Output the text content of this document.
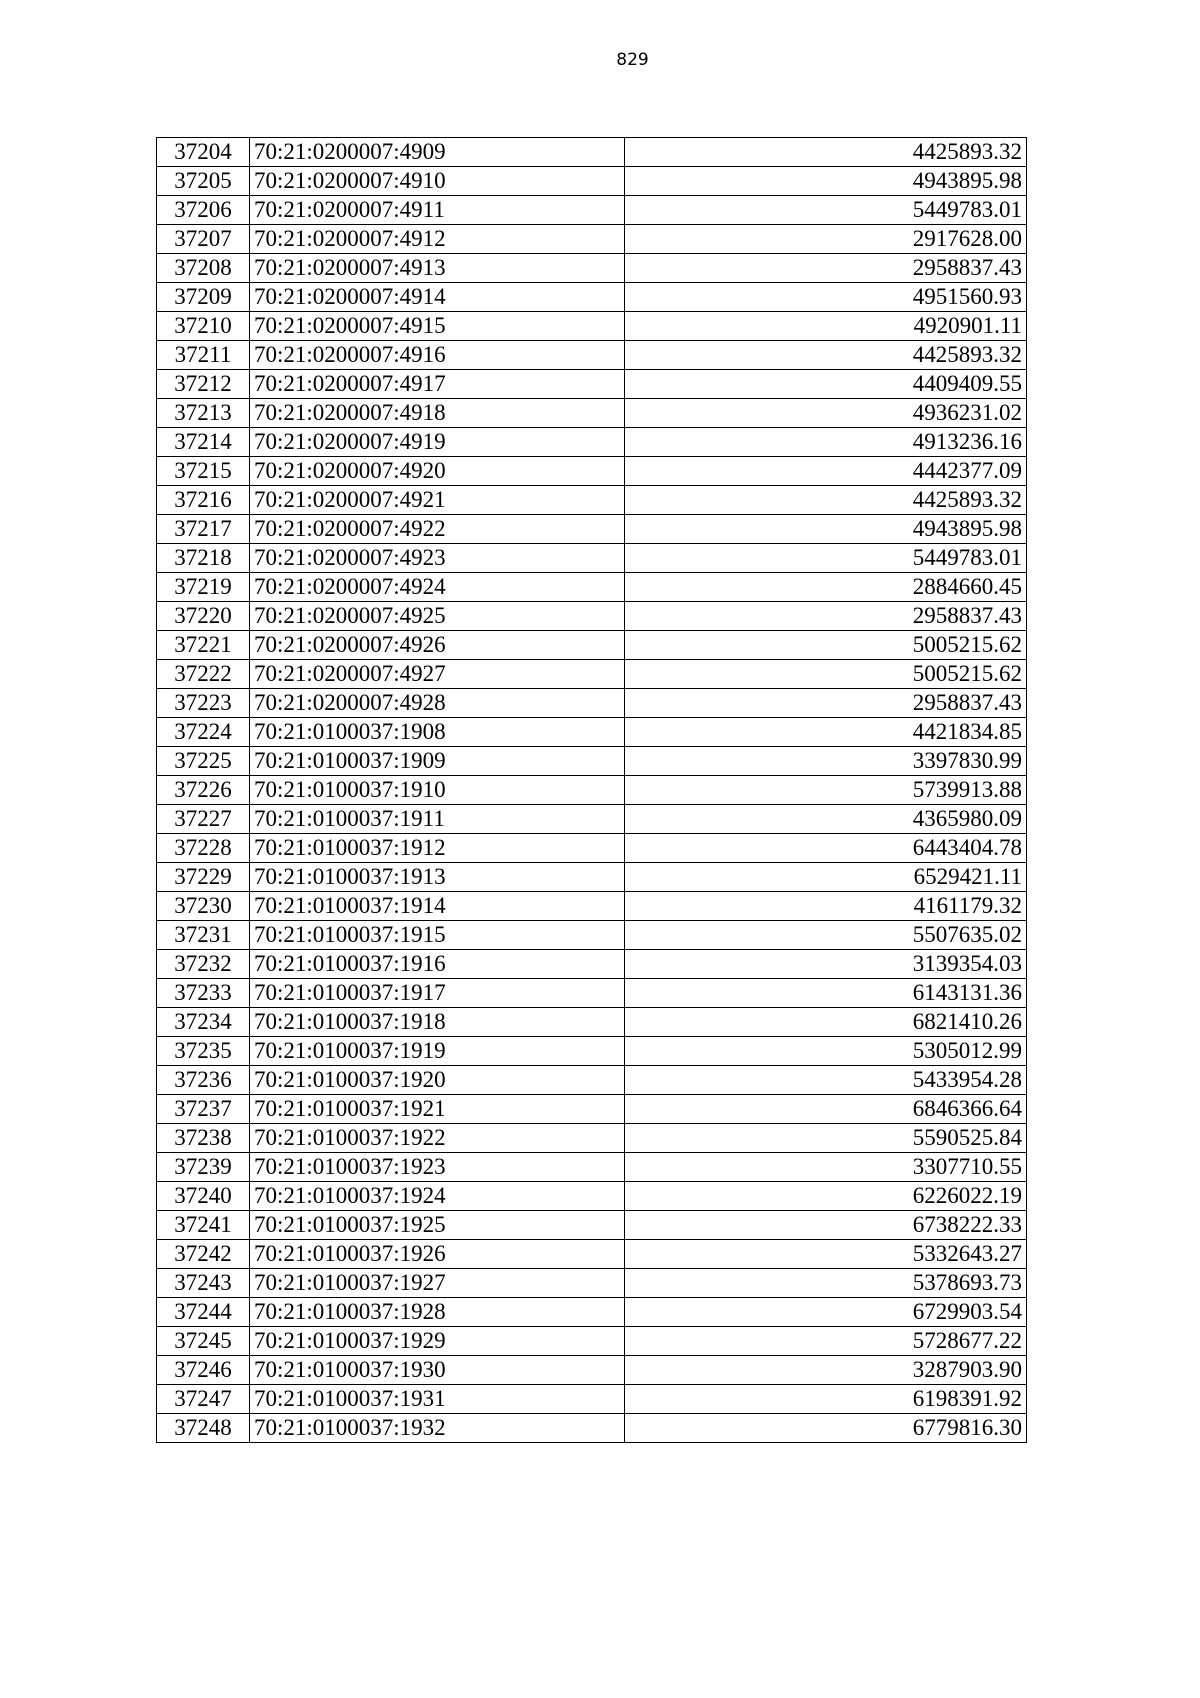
829
37204	70:21:0200007:4909	4425893.32
37205	70:21:0200007:4910	4943895.98
37206	70:21:0200007:4911	5449783.01
37207	70:21:0200007:4912	2917628.00
37208	70:21:0200007:4913	2958837.43
37209	70:21:0200007:4914	4951560.93
37210	70:21:0200007:4915	4920901.11
37211	70:21:0200007:4916	4425893.32
37212	70:21:0200007:4917	4409409.55
37213	70:21:0200007:4918	4936231.02
37214	70:21:0200007:4919	4913236.16
37215	70:21:0200007:4920	4442377.09
37216	70:21:0200007:4921	4425893.32
37217	70:21:0200007:4922	4943895.98
37218	70:21:0200007:4923	5449783.01
37219	70:21:0200007:4924	2884660.45
37220	70:21:0200007:4925	2958837.43
37221	70:21:0200007:4926	5005215.62
37222	70:21:0200007:4927	5005215.62
37223	70:21:0200007:4928	2958837.43
37224	70:21:0100037:1908	4421834.85
37225	70:21:0100037:1909	3397830.99
37226	70:21:0100037:1910	5739913.88
37227	70:21:0100037:1911	4365980.09
37228	70:21:0100037:1912	6443404.78
37229	70:21:0100037:1913	6529421.11
37230	70:21:0100037:1914	4161179.32
37231	70:21:0100037:1915	5507635.02
37232	70:21:0100037:1916	3139354.03
37233	70:21:0100037:1917	6143131.36
37234	70:21:0100037:1918	6821410.26
37235	70:21:0100037:1919	5305012.99
37236	70:21:0100037:1920	5433954.28
37237	70:21:0100037:1921	6846366.64
37238	70:21:0100037:1922	5590525.84
37239	70:21:0100037:1923	3307710.55
37240	70:21:0100037:1924	6226022.19
37241	70:21:0100037:1925	6738222.33
37242	70:21:0100037:1926	5332643.27
37243	70:21:0100037:1927	5378693.73
37244	70:21:0100037:1928	6729903.54
37245	70:21:0100037:1929	5728677.22
37246	70:21:0100037:1930	3287903.90
37247	70:21:0100037:1931	6198391.92
37248	70:21:0100037:1932	6779816.30
